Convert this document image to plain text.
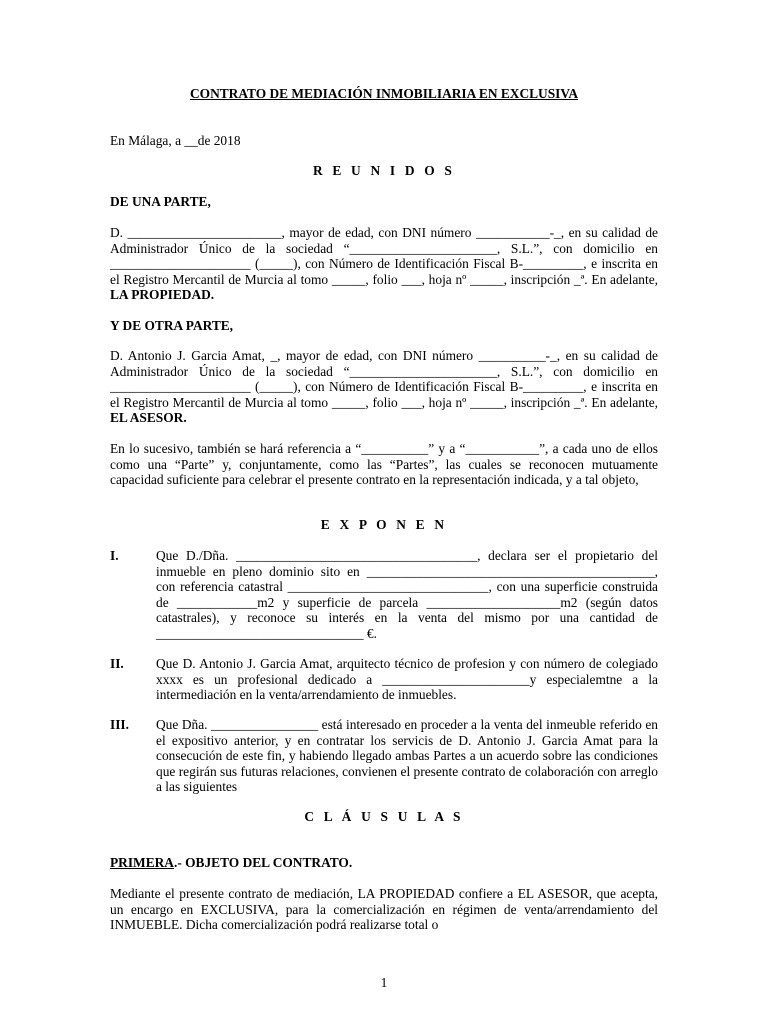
CONTRATO DE MEDIACIÓN INMOBILIARIA EN EXCLUSIVA
En Málaga, a __de 2018
R E U N I D O S
DE UNA PARTE,
D. _______________________, mayor de edad, con DNI número ___________-_, en su calidad de Administrador Único de la sociedad “______________________, S.L.”, con domicilio en _____________________ (_____), con Número de Identificación Fiscal B-_________, e inscrita en el Registro Mercantil de Murcia al tomo _____, folio ___, hoja nº _____, inscripción _ª. En adelante, LA PROPIEDAD.
Y DE OTRA PARTE,
D. Antonio J. Garcia Amat, _, mayor de edad, con DNI número __________-_, en su calidad de Administrador Único de la sociedad “______________________, S.L.”, con domicilio en _____________________ (_____), con Número de Identificación Fiscal B-_________, e inscrita en el Registro Mercantil de Murcia al tomo _____, folio ___, hoja nº _____, inscripción _ª. En adelante, EL ASESOR.
En lo sucesivo, también se hará referencia a “__________” y a “___________”, a cada uno de ellos como una “Parte” y, conjuntamente, como las “Partes”, las cuales se reconocen mutuamente capacidad suficiente para celebrar el presente contrato en la representación indicada, y a tal objeto,
E X P O N E N
I.	Que D./Dña. ____________________________________, declara ser el propietario del inmueble en pleno dominio sito en ___________________________________________, con referencia catastral ______________________________, con una superficie construida de ____________m2 y superficie de parcela ____________________m2 (según datos catastrales), y reconoce su interés en la venta del mismo por una cantidad de _______________________________ €.
II. Que D. Antonio J. Garcia Amat, arquitecto técnico de profesion y con número de colegiado xxxx es un profesional dedicado a ______________________y especialemtne a la intermediación en la venta/arrendamiento de inmuebles.
III. Que Dña. ________________ está interesado en proceder a la venta del inmeuble referido en el expositivo anterior, y en contratar los servicis de D. Antonio J. Garcia Amat para la consecución de este fin, y habiendo llegado ambas Partes a un acuerdo sobre las condiciones que regirán sus futuras relaciones, convienen el presente contrato de colaboración con arreglo a las siguientes
C L Á U S U L A S
PRIMERA.- OBJETO DEL CONTRATO.
Mediante el presente contrato de mediación, LA PROPIEDAD confiere a EL ASESOR, que acepta, un encargo en EXCLUSIVA, para la comercialización en régimen de venta/arrendamiento del INMUEBLE. Dicha comercialización podrá realizarse total o
1
